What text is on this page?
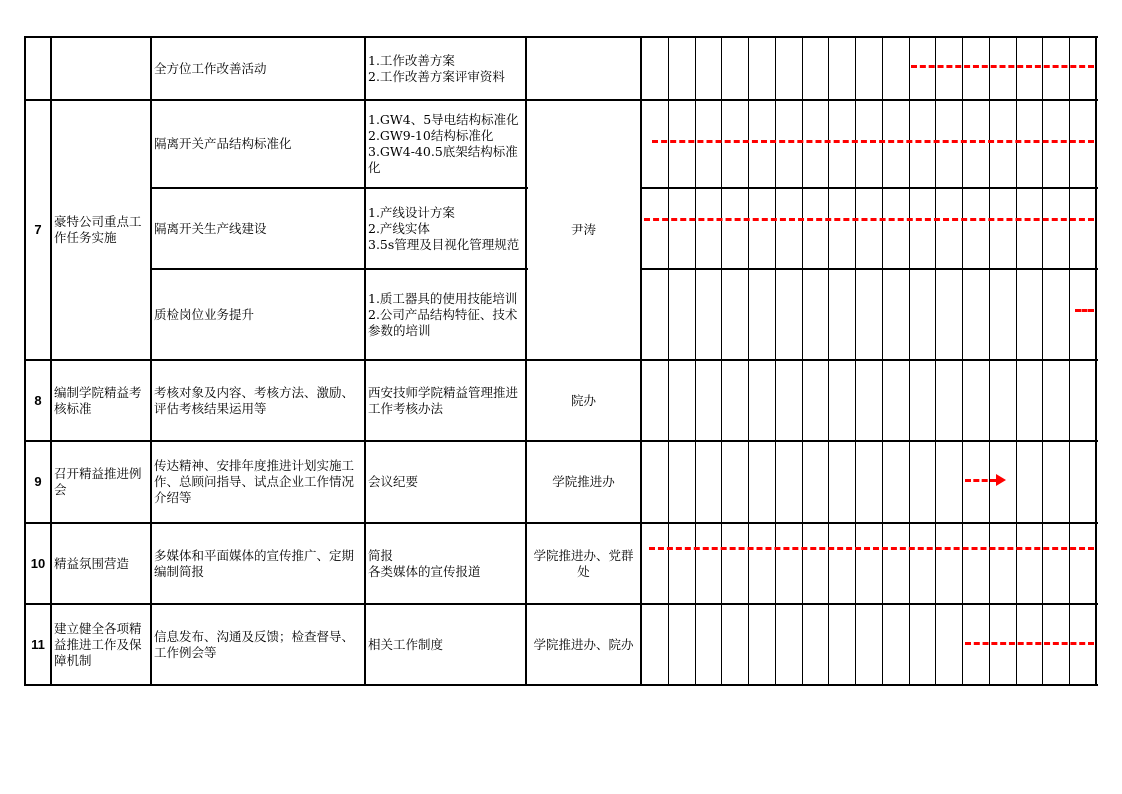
全方位工作改善活动
1.工作改善方案
2.工作改善方案评审资料
7
豪特公司重点工作任务实施
隔离开关产品结构标准化
1.GW4、5导电结构标准化
2.GW9-10结构标准化
3.GW4-40.5底架结构标准化
隔离开关生产线建设
1.产线设计方案
2.产线实体
3.5s管理及目视化管理规范
质检岗位业务提升
1.质工器具的使用技能培训
2.公司产品结构特征、技术参数的培训
尹涛
8
编制学院精益考核标准
考核对象及内容、考核方法、激励、评估考核结果运用等
西安技师学院精益管理推进工作考核办法
院办
9
召开精益推进例会
传达精神、安排年度推进计划实施工作、总顾问指导、试点企业工作情况介绍等
会议纪要	学院推进办
10 精益氛围营造
多媒体和平面媒体的宣传推广、定期编制简报
简报
各类媒体的宣传报道
学院推进办、党群处
11
建立健全各项精益推进工作及保障机制
信息发布、沟通及反馈；检查督导、工作例会等
相关工作制度	学院推进办、院办
